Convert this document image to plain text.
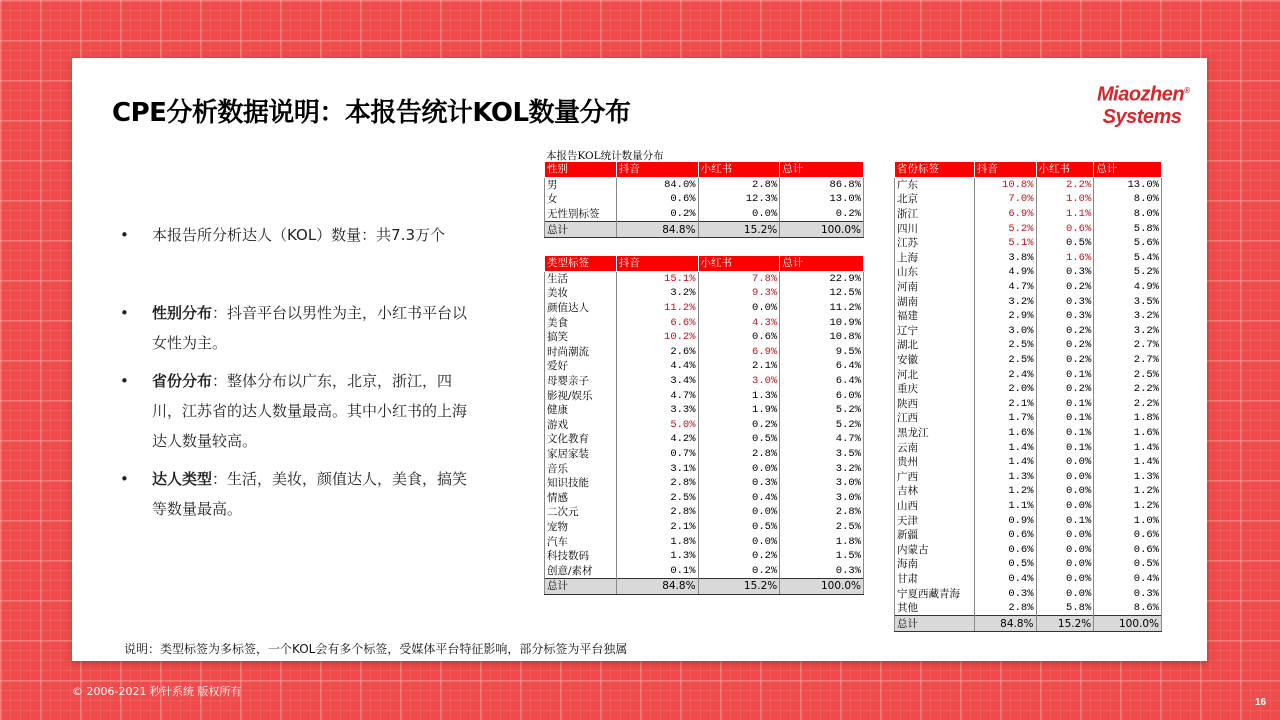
CPE分析数据说明：本报告统计KOL数量分布
Miaozhen®
Systems
• 本报告所分析达人（KOL）数量：共7.3万个
• 性别分布：抖音平台以男性为主，小红书平台以女性为主。
• 省份分布：整体分布以广东，北京，浙江，四川，江苏省的达人数量最高。其中小红书的上海达人数量较高。
• 达人类型：生活，美妆，颜值达人，美食，搞笑等数量最高。
说明：类型标签为多标签，一个KOL会有多个标签，受媒体平台特征影响，部分标签为平台独属
本报告KOL统计数量分布
性别	抖音	小红书	总计
男	84.0%	2.8%	86.8%
女	0.6%	12.3%	13.0%
无性别标签	0.2%	0.0%	0.2%
总计	84.8%	15.2%	100.0%
类型标签	抖音	小红书	总计
生活	15.1%	7.8%	22.9%
美妆	3.2%	9.3%	12.5%
颜值达人	11.2%	0.0%	11.2%
美食	6.6%	4.3%	10.9%
搞笑	10.2%	0.6%	10.8%
时尚潮流	2.6%	6.9%	9.5%
爱好	4.4%	2.1%	6.4%
母婴亲子	3.4%	3.0%	6.4%
影视/娱乐	4.7%	1.3%	6.0%
健康	3.3%	1.9%	5.2%
游戏	5.0%	0.2%	5.2%
文化教育	4.2%	0.5%	4.7%
家居家装	0.7%	2.8%	3.5%
音乐	3.1%	0.0%	3.2%
知识技能	2.8%	0.3%	3.0%
情感	2.5%	0.4%	3.0%
二次元	2.8%	0.0%	2.8%
宠物	2.1%	0.5%	2.5%
汽车	1.8%	0.0%	1.8%
科技数码	1.3%	0.2%	1.5%
创意/素材	0.1%	0.2%	0.3%
总计	84.8%	15.2%	100.0%
省份标签	抖音	小红书	总计
广东	10.8%	2.2%	13.0%
北京	7.0%	1.0%	8.0%
浙江	6.9%	1.1%	8.0%
四川	5.2%	0.6%	5.8%
江苏	5.1%	0.5%	5.6%
上海	3.8%	1.6%	5.4%
山东	4.9%	0.3%	5.2%
河南	4.7%	0.2%	4.9%
湖南	3.2%	0.3%	3.5%
福建	2.9%	0.3%	3.2%
辽宁	3.0%	0.2%	3.2%
湖北	2.5%	0.2%	2.7%
安徽	2.5%	0.2%	2.7%
河北	2.4%	0.1%	2.5%
重庆	2.0%	0.2%	2.2%
陕西	2.1%	0.1%	2.2%
江西	1.7%	0.1%	1.8%
黑龙江	1.6%	0.1%	1.6%
云南	1.4%	0.1%	1.4%
贵州	1.4%	0.0%	1.4%
广西	1.3%	0.0%	1.3%
吉林	1.2%	0.0%	1.2%
山西	1.1%	0.0%	1.2%
天津	0.9%	0.1%	1.0%
新疆	0.6%	0.0%	0.6%
内蒙古	0.6%	0.0%	0.6%
海南	0.5%	0.0%	0.5%
甘肃	0.4%	0.0%	0.4%
宁夏西藏青海	0.3%	0.0%	0.3%
其他	2.8%	5.8%	8.6%
总计	84.8%	15.2%	100.0%
© 2006-2021 秒针系统 版权所有
16
